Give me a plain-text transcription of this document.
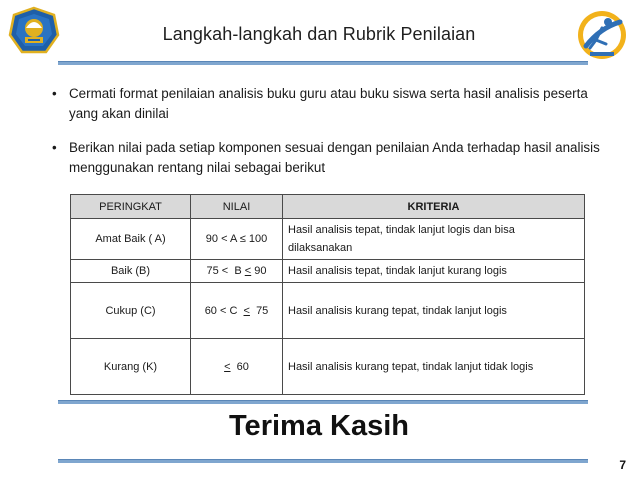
Langkah-langkah dan Rubrik Penilaian
• Cermati format penilaian analisis buku guru atau buku siswa serta hasil analisis peserta yang akan dinilai
• Berikan nilai pada setiap komponen sesuai dengan penilaian Anda terhadap hasil analisis menggunakan rentang nilai sebagai berikut
PERINGKAT	NILAI	KRITERIA
Amat Baik ( A)	90 < A ≤ 100	Hasil analisis tepat, tindak lanjut logis dan bisa dilaksanakan
Baik (B)	75 <  B < 90	Hasil analisis tepat, tindak lanjut kurang logis
Cukup (C)	60 < C  <  75	Hasil analisis kurang tepat, tindak lanjut logis
Kurang (K)	<  60	Hasil analisis kurang tepat, tindak lanjut tidak logis
Terima Kasih
7
